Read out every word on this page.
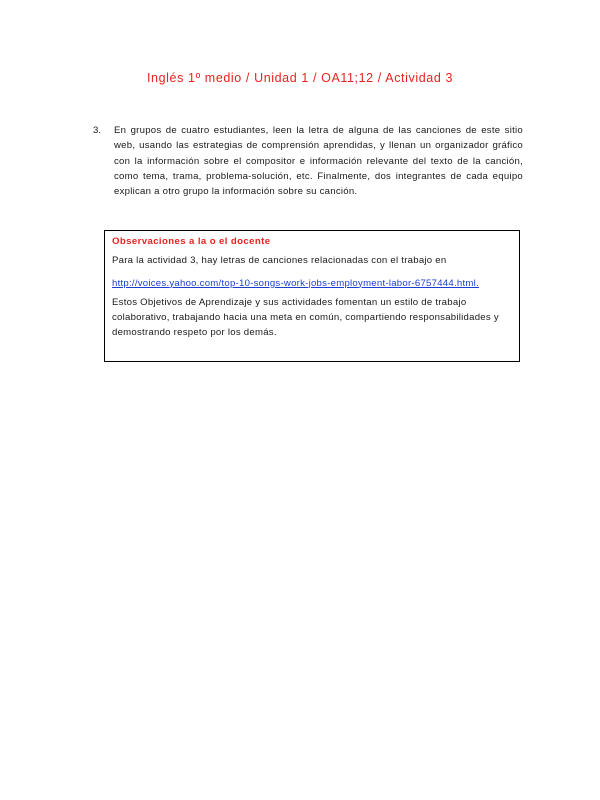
Inglés 1º medio / Unidad 1 / OA11;12 / Actividad 3
3. En grupos de cuatro estudiantes, leen la letra de alguna de las canciones de este sitio web, usando las estrategias de comprensión aprendidas, y llenan un organizador gráfico con la información sobre el compositor e información relevante del texto de la canción, como tema, trama, problema-solución, etc. Finalmente, dos integrantes de cada equipo explican a otro grupo la información sobre su canción.
Observaciones a la o el docente
Para la actividad 3, hay letras de canciones relacionadas con el trabajo en
http://voices.yahoo.com/top-10-songs-work-jobs-employment-labor-6757444.html.
Estos Objetivos de Aprendizaje y sus actividades fomentan un estilo de trabajo colaborativo, trabajando hacia una meta en común, compartiendo responsabilidades y demostrando respeto por los demás.
